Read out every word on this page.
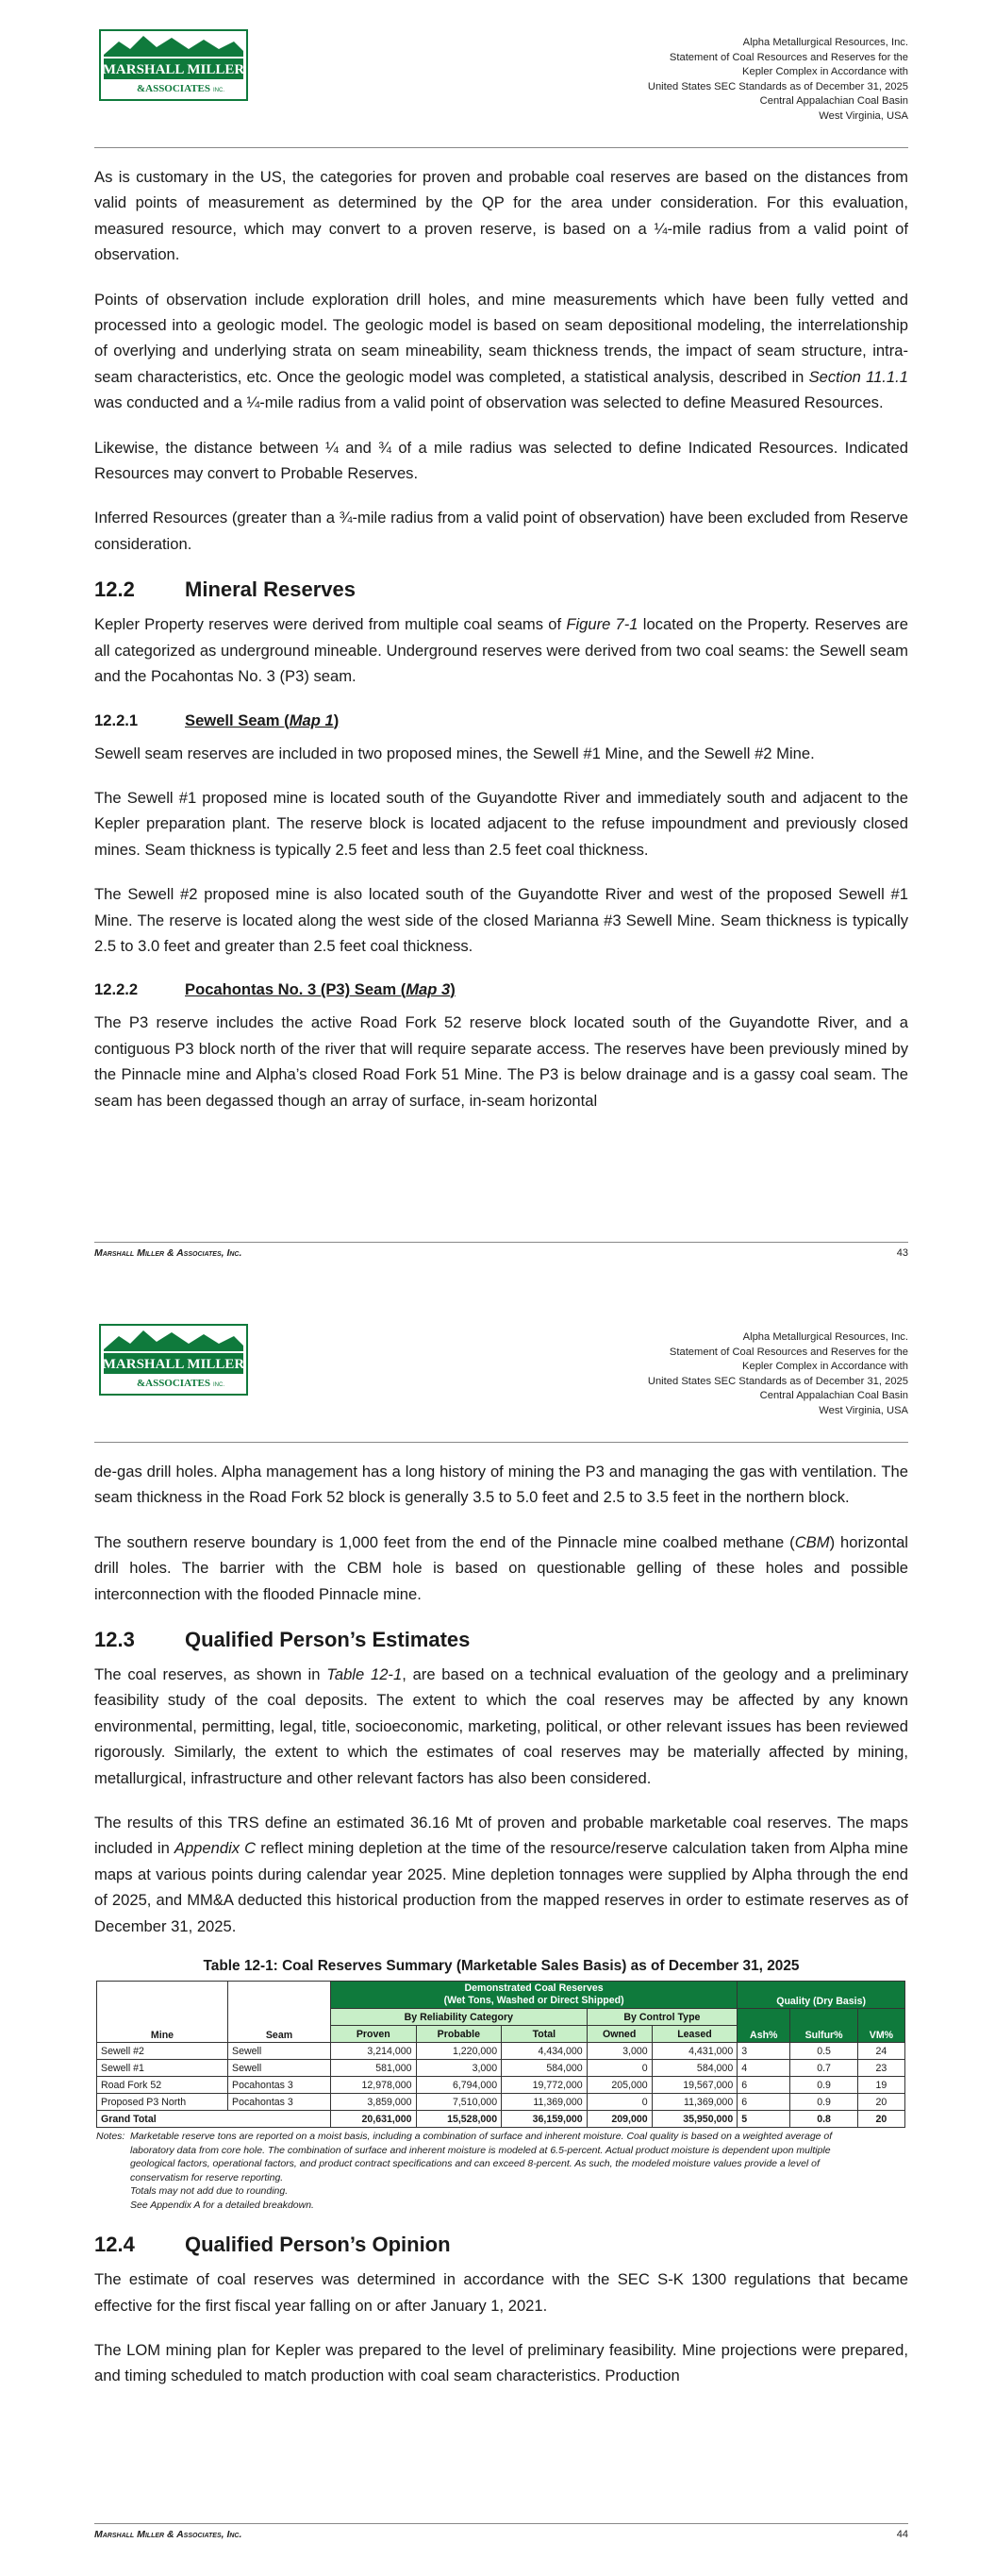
MARSHALL MILLER
&ASSOCIATES INC.
Alpha Metallurgical Resources, Inc.
Statement of Coal Resources and Reserves for the
Kepler Complex in Accordance with
United States SEC Standards as of December 31, 2025
Central Appalachian Coal Basin
West Virginia, USA

As is customary in the US, the categories for proven and probable coal reserves are based on the distances from valid points of measurement as determined by the QP for the area under consideration. For this evaluation, measured resource, which may convert to a proven reserve, is based on a ¼-mile radius from a valid point of observation.

Points of observation include exploration drill holes, and mine measurements which have been fully vetted and processed into a geologic model. The geologic model is based on seam depositional modeling, the interrelationship of overlying and underlying strata on seam mineability, seam thickness trends, the impact of seam structure, intra-seam characteristics, etc. Once the geologic model was completed, a statistical analysis, described in Section 11.1.1 was conducted and a ¼-mile radius from a valid point of observation was selected to define Measured Resources.

Likewise, the distance between ¼ and ¾ of a mile radius was selected to define Indicated Resources. Indicated Resources may convert to Probable Reserves.

Inferred Resources (greater than a ¾-mile radius from a valid point of observation) have been excluded from Reserve consideration.

12.2 Mineral Reserves

Kepler Property reserves were derived from multiple coal seams of Figure 7-1 located on the Property. Reserves are all categorized as underground mineable. Underground reserves were derived from two coal seams: the Sewell seam and the Pocahontas No. 3 (P3) seam.

12.2.1	Sewell Seam (Map 1)

Sewell seam reserves are included in two proposed mines, the Sewell #1 Mine, and the Sewell #2 Mine.

The Sewell #1 proposed mine is located south of the Guyandotte River and immediately south and adjacent to the Kepler preparation plant. The reserve block is located adjacent to the refuse impoundment and previously closed mines. Seam thickness is typically 2.5 feet and less than 2.5 feet coal thickness.

The Sewell #2 proposed mine is also located south of the Guyandotte River and west of the proposed Sewell #1 Mine. The reserve is located along the west side of the closed Marianna #3 Sewell Mine. Seam thickness is typically 2.5 to 3.0 feet and greater than 2.5 feet coal thickness.

12.2.2	Pocahontas No. 3 (P3) Seam (Map 3)

The P3 reserve includes the active Road Fork 52 reserve block located south of the Guyandotte River, and a contiguous P3 block north of the river that will require separate access. The reserves have been previously mined by the Pinnacle mine and Alpha’s closed Road Fork 51 Mine. The P3 is below drainage and is a gassy coal seam. The seam has been degassed though an array of surface, in-seam horizontal

Marshall Miller & Associates, Inc.	43
MARSHALL MILLER
&ASSOCIATES INC.
Alpha Metallurgical Resources, Inc.
Statement of Coal Resources and Reserves for the
Kepler Complex in Accordance with
United States SEC Standards as of December 31, 2025
Central Appalachian Coal Basin
West Virginia, USA

de-gas drill holes. Alpha management has a long history of mining the P3 and managing the gas with ventilation. The seam thickness in the Road Fork 52 block is generally 3.5 to 5.0 feet and 2.5 to 3.5 feet in the northern block.

The southern reserve boundary is 1,000 feet from the end of the Pinnacle mine coalbed methane (CBM) horizontal drill holes. The barrier with the CBM hole is based on questionable gelling of these holes and possible interconnection with the flooded Pinnacle mine.

12.3 Qualified Person’s Estimates

The coal reserves, as shown in Table 12-1, are based on a technical evaluation of the geology and a preliminary feasibility study of the coal deposits. The extent to which the coal reserves may be affected by any known environmental, permitting, legal, title, socioeconomic, marketing, political, or other relevant issues has been reviewed rigorously. Similarly, the extent to which the estimates of coal reserves may be materially affected by mining, metallurgical, infrastructure and other relevant factors has also been considered.

The results of this TRS define an estimated 36.16 Mt of proven and probable marketable coal reserves. The maps included in Appendix C reflect mining depletion at the time of the resource/reserve calculation taken from Alpha mine maps at various points during calendar year 2025. Mine depletion tonnages were supplied by Alpha through the end of 2025, and MM&A deducted this historical production from the mapped reserves in order to estimate reserves as of December 31, 2025.

Table 12-1: Coal Reserves Summary (Marketable Sales Basis) as of December 31, 2025
Mine	Seam	Demonstrated Coal Reserves
(Wet Tons, Washed or Direct Shipped)					Quality (Dry Basis)		

		By Reliability Category			By Control Type		Ash%	Sulfur%	VM%
		Proven	Probable	Total	Owned	Leased			
Sewell #2	Sewell	3,214,000	1,220,000	4,434,000	3,000	4,431,000	3	0.5	24
Sewell #1	Sewell	581,000	3,000	584,000	0	584,000	4	0.7	23
Road Fork 52	Pocahontas 3	12,978,000	6,794,000	19,772,000	205,000	19,567,000	6	0.9	19
Proposed P3 North	Pocahontas 3	3,859,000	7,510,000	11,369,000	0	11,369,000	6	0.9	20
Grand Total		20,631,000	15,528,000	36,159,000	209,000	35,950,000	5	0.8	20
Notes: Marketable reserve tons are reported on a moist basis, including a combination of surface and inherent moisture. Coal quality is based on a weighted average of laboratory data from core hole. The combination of surface and inherent moisture is modeled at 6.5-percent. Actual product moisture is dependent upon multiple geological factors, operational factors, and product contract specifications and can exceed 8-percent. As such, the modeled moisture values provide a level of conservatism for reserve reporting.
Totals may not add due to rounding.
See Appendix A for a detailed breakdown.
12.4 Qualified Person’s Opinion

The estimate of coal reserves was determined in accordance with the SEC S-K 1300 regulations that became effective for the first fiscal year falling on or after January 1, 2021.

The LOM mining plan for Kepler was prepared to the level of preliminary feasibility. Mine projections were prepared, and timing scheduled to match production with coal seam characteristics. Production

Marshall Miller & Associates, Inc.	44
